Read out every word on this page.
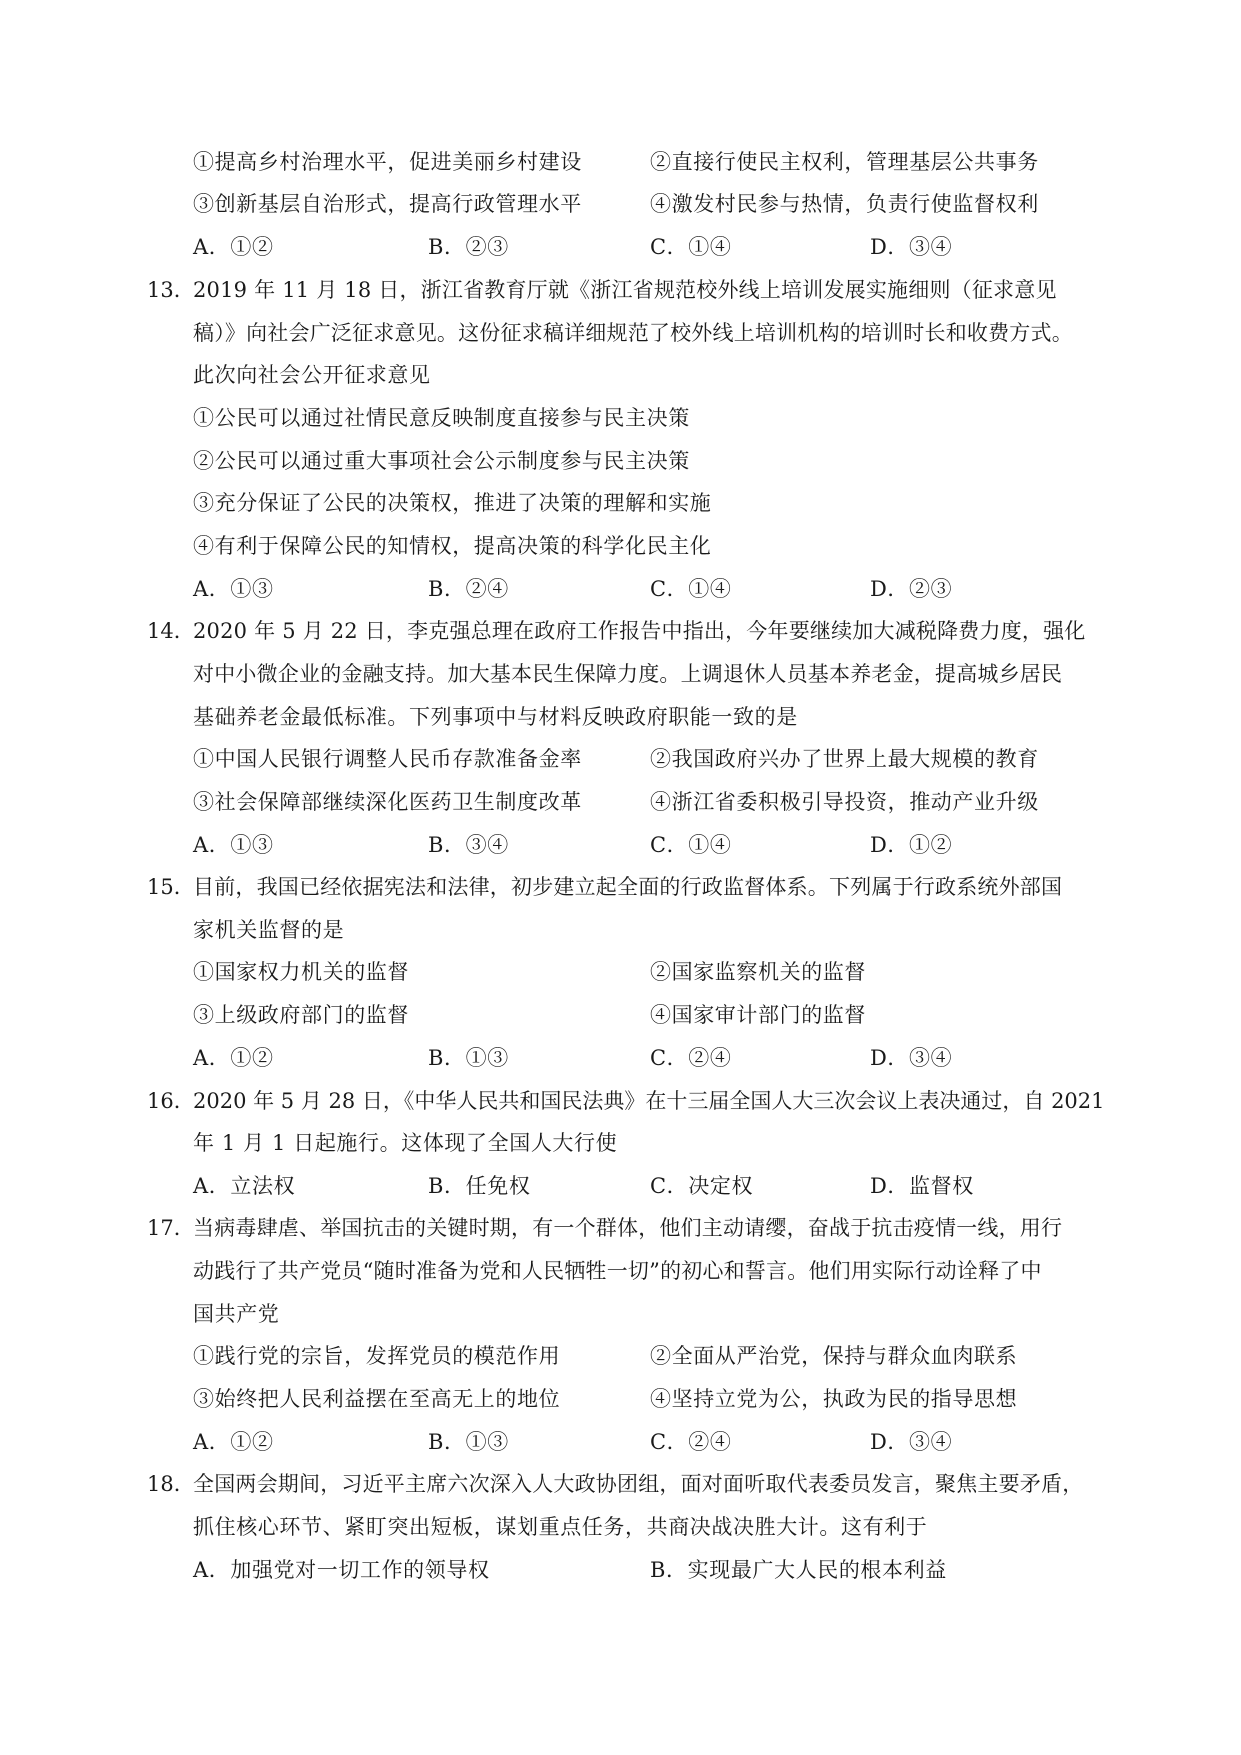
①提高乡村治理水平，促进美丽乡村建设	②直接行使民主权利，管理基层公共事务
③创新基层自治形式，提高行政管理水平	④激发村民参与热情，负责行使监督权利
A．①②	B．②③	C．①④	D．③④
13．
2019 年 11 月 18 日，浙江省教育厅就《浙江省规范校外线上培训发展实施细则（征求意见
稿）》向社会广泛征求意见。这份征求稿详细规范了校外线上培训机构的培训时长和收费方式。
此次向社会公开征求意见
①公民可以通过社情民意反映制度直接参与民主决策
②公民可以通过重大事项社会公示制度参与民主决策
③充分保证了公民的决策权，推进了决策的理解和实施
④有利于保障公民的知情权，提高决策的科学化民主化
A．①③	B．②④	C．①④	D．②③
14．
2020 年 5 月 22 日，李克强总理在政府工作报告中指出，今年要继续加大减税降费力度，强化
对中小微企业的金融支持。加大基本民生保障力度。上调退休人员基本养老金，提高城乡居民
基础养老金最低标准。下列事项中与材料反映政府职能一致的是
①中国人民银行调整人民币存款准备金率	②我国政府兴办了世界上最大规模的教育
③社会保障部继续深化医药卫生制度改革	④浙江省委积极引导投资，推动产业升级
A．①③	B．③④	C．①④	D．①②
15．
目前，我国已经依据宪法和法律，初步建立起全面的行政监督体系。下列属于行政系统外部国
家机关监督的是
①国家权力机关的监督	②国家监察机关的监督
③上级政府部门的监督	④国家审计部门的监督
A．①②	B．①③	C．②④	D．③④
16．
2020 年 5 月 28 日，《中华人民共和国民法典》在十三届全国人大三次会议上表决通过，自 2021
年 1 月 1 日起施行。这体现了全国人大行使
A．立法权	B．任免权	C．决定权	D．监督权
17．
当病毒肆虐、举国抗击的关键时期，有一个群体，他们主动请缨，奋战于抗击疫情一线，用行
动践行了共产党员“随时准备为党和人民牺牲一切”的初心和誓言。他们用实际行动诠释了中
国共产党
①践行党的宗旨，发挥党员的模范作用	②全面从严治党，保持与群众血肉联系
③始终把人民利益摆在至高无上的地位	④坚持立党为公，执政为民的指导思想
A．①②	B．①③	C．②④	D．③④
18．
全国两会期间，习近平主席六次深入人大政协团组，面对面听取代表委员发言，聚焦主要矛盾，
抓住核心环节、紧盯突出短板，谋划重点任务，共商决战决胜大计。这有利于
A．加强党对一切工作的领导权	B．实现最广大人民的根本利益
